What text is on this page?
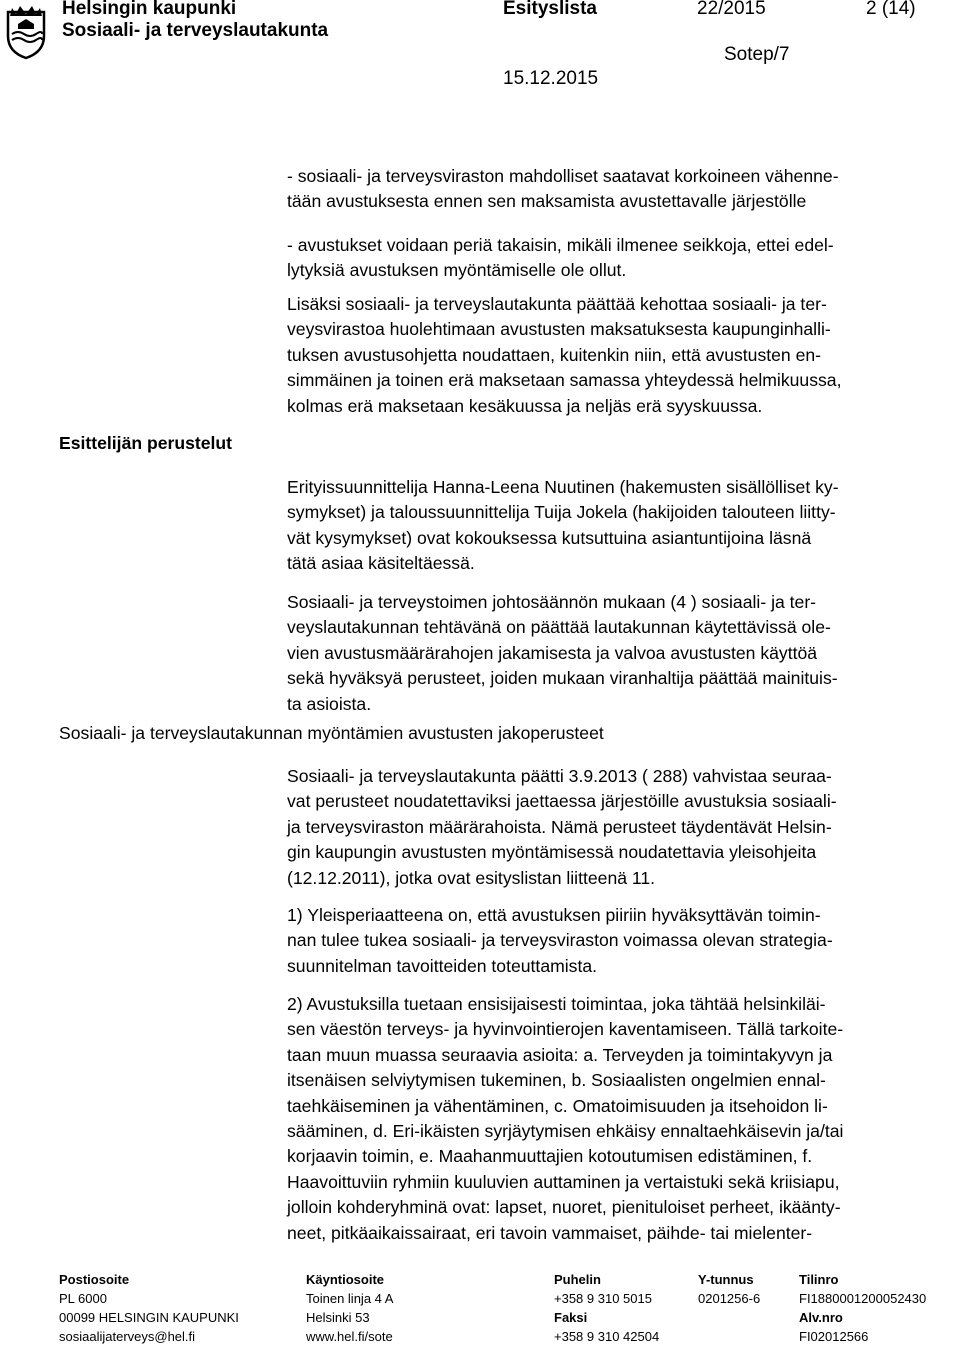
Helsingin kaupunki
Sosiaali- ja terveyslautakunta
Esityslista	22/2015	2 (14)
Sotep/7
15.12.2015
Esittelijän perustelut
Sosiaali- ja terveyslautakunnan myöntämien avustusten jakoperusteet
- sosiaali- ja terveysviraston mahdolliset saatavat korkoineen vähenne-
tään avustuksesta ennen sen maksamista avustettavalle järjestölle
- avustukset voidaan periä takaisin, mikäli ilmenee seikkoja, ettei edel-
lytyksiä avustuksen myöntämiselle ole ollut.
Lisäksi sosiaali- ja terveyslautakunta päättää kehottaa sosiaali- ja ter-
veysvirastoa huolehtimaan avustusten maksatuksesta kaupunginhalli-
tuksen avustusohjetta noudattaen, kuitenkin niin, että avustusten en-
simmäinen ja toinen erä maksetaan samassa yhteydessä helmikuussa,
kolmas erä maksetaan kesäkuussa ja neljäs erä syyskuussa.
Erityissuunnittelija Hanna-Leena Nuutinen (hakemusten sisällölliset ky-
symykset) ja taloussuunnittelija Tuija Jokela (hakijoiden talouteen liitty-
vät kysymykset) ovat kokouksessa kutsuttuina asiantuntijoina läsnä
tätä asiaa käsiteltäessä.
Sosiaali- ja terveystoimen johtosäännön mukaan (4 ) sosiaali- ja ter-
veyslautakunnan tehtävänä on päättää lautakunnan käytettävissä ole-
vien avustusmäärärahojen jakamisesta ja valvoa avustusten käyttöä
sekä hyväksyä perusteet, joiden mukaan viranhaltija päättää mainituis-
ta asioista.
Sosiaali- ja terveyslautakunta päätti 3.9.2013 ( 288) vahvistaa seuraa-
vat perusteet noudatettaviksi jaettaessa järjestöille avustuksia sosiaali-
ja terveysviraston määrärahoista. Nämä perusteet täydentävät Helsin-
gin kaupungin avustusten myöntämisessä noudatettavia yleisohjeita
(12.12.2011), jotka ovat esityslistan liitteenä 11.
1) Yleisperiaatteena on, että avustuksen piiriin hyväksyttävän toimin-
nan tulee tukea sosiaali- ja terveysviraston voimassa olevan strategia-
suunnitelman tavoitteiden toteuttamista.
2) Avustuksilla tuetaan ensisijaisesti toimintaa, joka tähtää helsinkiläi-
sen väestön terveys- ja hyvinvointierojen kaventamiseen. Tällä tarkoite-
taan muun muassa seuraavia asioita: a. Terveyden ja toimintakyvyn ja
itsenäisen selviytymisen tukeminen, b. Sosiaalisten ongelmien ennal-
taehkäiseminen ja vähentäminen, c. Omatoimisuuden ja itsehoidon li-
sääminen, d. Eri-ikäisten syrjäytymisen ehkäisy ennaltaehkäisevin ja/tai
korjaavin toimin, e. Maahanmuuttajien kotoutumisen edistäminen, f.
Haavoittuviin ryhmiin kuuluvien auttaminen ja vertaistuki sekä kriisiapu,
jolloin kohderyhminä ovat: lapset, nuoret, pienituloiset perheet, ikäänty-
neet, pitkäaikaissairaat, eri tavoin vammaiset, päihde- tai mielenter-
Postiosoite
PL 6000
00099 HELSINGIN KAUPUNKI
sosiaalijaterveys@hel.fi
Käyntiosoite
Toinen linja 4 A
Helsinki 53
www.hel.fi/sote
Puhelin
+358 9 310 5015
Faksi
+358 9 310 42504
Y-tunnus
0201256-6
Tilinro
FI1880001200052430
Alv.nro
FI02012566
